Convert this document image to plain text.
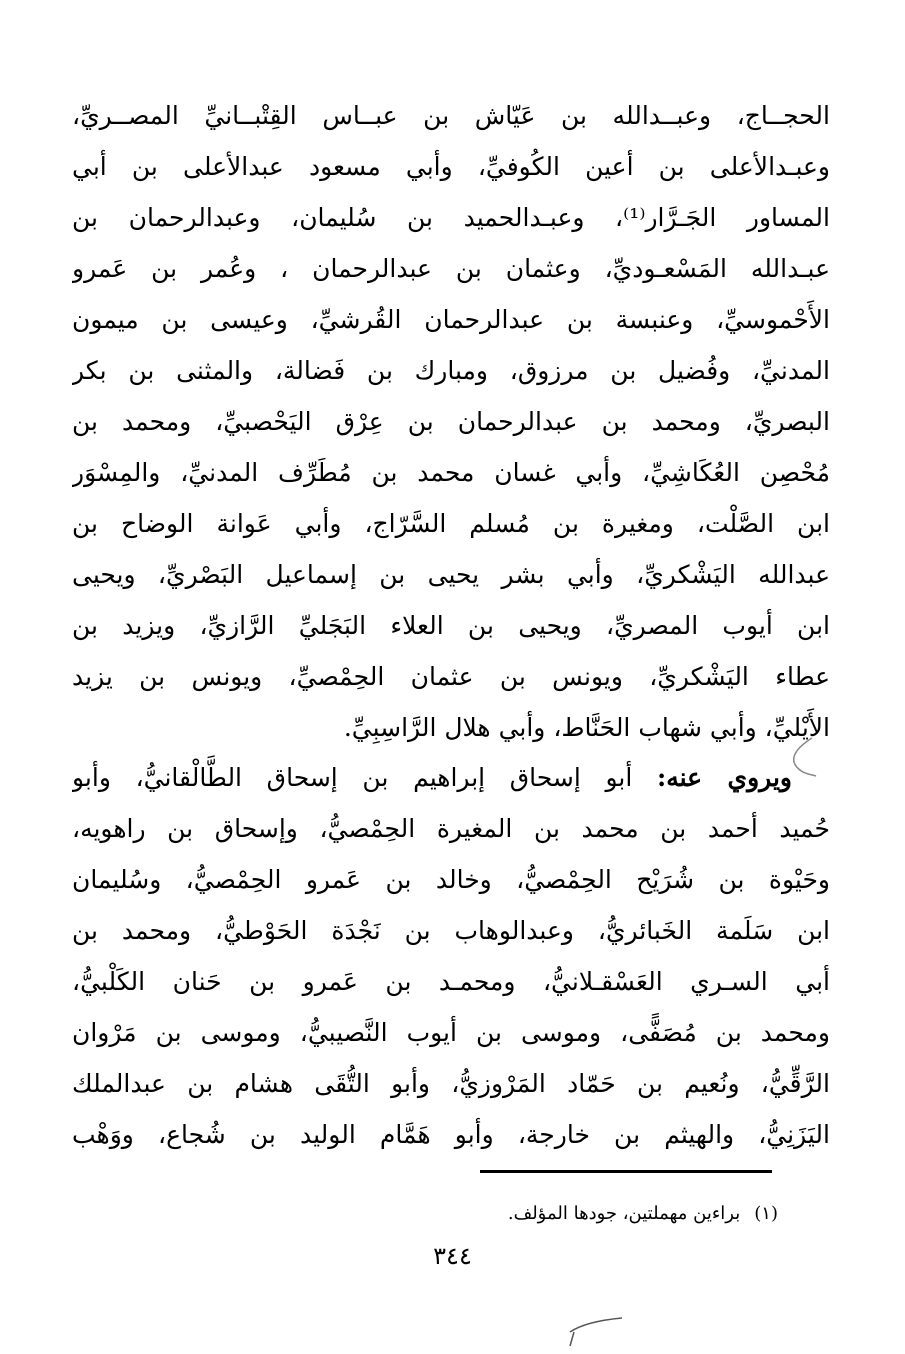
الحجــاج، وعبــدالله بن عَيّاش بن عبــاس القِتْبــانيِّ المصــريِّ،
وعبـدالأعلى بن أعين الكُوفيِّ، وأبي مسعود عبدالأعلى بن أبي
المساور الجَـرَّار⁽¹⁾، وعبـدالحميد بن سُليمان، وعبدالرحمان بن
عبـدالله المَسْعـوديِّ، وعثمان بن عبدالرحمان ، وعُمر بن عَمرو
الأَحْموسيِّ، وعنبسة بن عبدالرحمان القُرشيِّ، وعيسى بن ميمون
المدنيِّ، وفُضيل بن مرزوق، ومبارك بن فَضالة، والمثنى بن بكر
البصريِّ، ومحمد بن عبدالرحمان بن عِرْق اليَحْصبيِّ، ومحمد بن
مُحْصِن العُكَاشِيِّ، وأبي غسان محمد بن مُطَرِّف المدنيِّ، والمِسْوَر
ابن الصَّلْت، ومغيرة بن مُسلم السَّرّاج، وأبي عَوانة الوضاح بن
عبدالله اليَشْكريِّ، وأبي بشر يحيى بن إسماعيل البَصْريِّ، ويحيى
ابن أيوب المصريِّ، ويحيى بن العلاء البَجَليِّ الرَّازيِّ، ويزيد بن
عطاء اليَشْكريِّ، ويونس بن عثمان الحِمْصيِّ، ويونس بن يزيد
الأَيْليِّ، وأبي شهاب الحَنَّاط، وأبي هلال الرَّاسِبِيِّ.
ويروي عنه: أبو إسحاق إبراهيم بن إسحاق الطَّالْقانيُّ، وأبو
حُميد أحمد بن محمد بن المغيرة الحِمْصيُّ، وإسحاق بن راهويه،
وحَيْوة بن شُرَيْح الحِمْصيُّ، وخالد بن عَمرو الحِمْصيُّ، وسُليمان
ابن سَلَمة الخَبائريُّ، وعبدالوهاب بن نَجْدَة الحَوْطيُّ، ومحمد بن
أبي السـري العَسْقـلانيُّ، ومحمـد بن عَمرو بن حَنان الكَلْبيُّ،
ومحمد بن مُصَفًّى، وموسى بن أيوب النَّصيبيُّ، وموسى بن مَرْوان
الرَّقِّيُّ، ونُعيم بن حَمّاد المَرْوزيُّ، وأبو التُّقَى هشام بن عبدالملك
اليَزَنِيُّ، والهيثم بن خارجة، وأبو هَمَّام الوليد بن شُجاع، ووَهْب
(١)براءين مهملتين، جودها المؤلف.
٣٤٤
